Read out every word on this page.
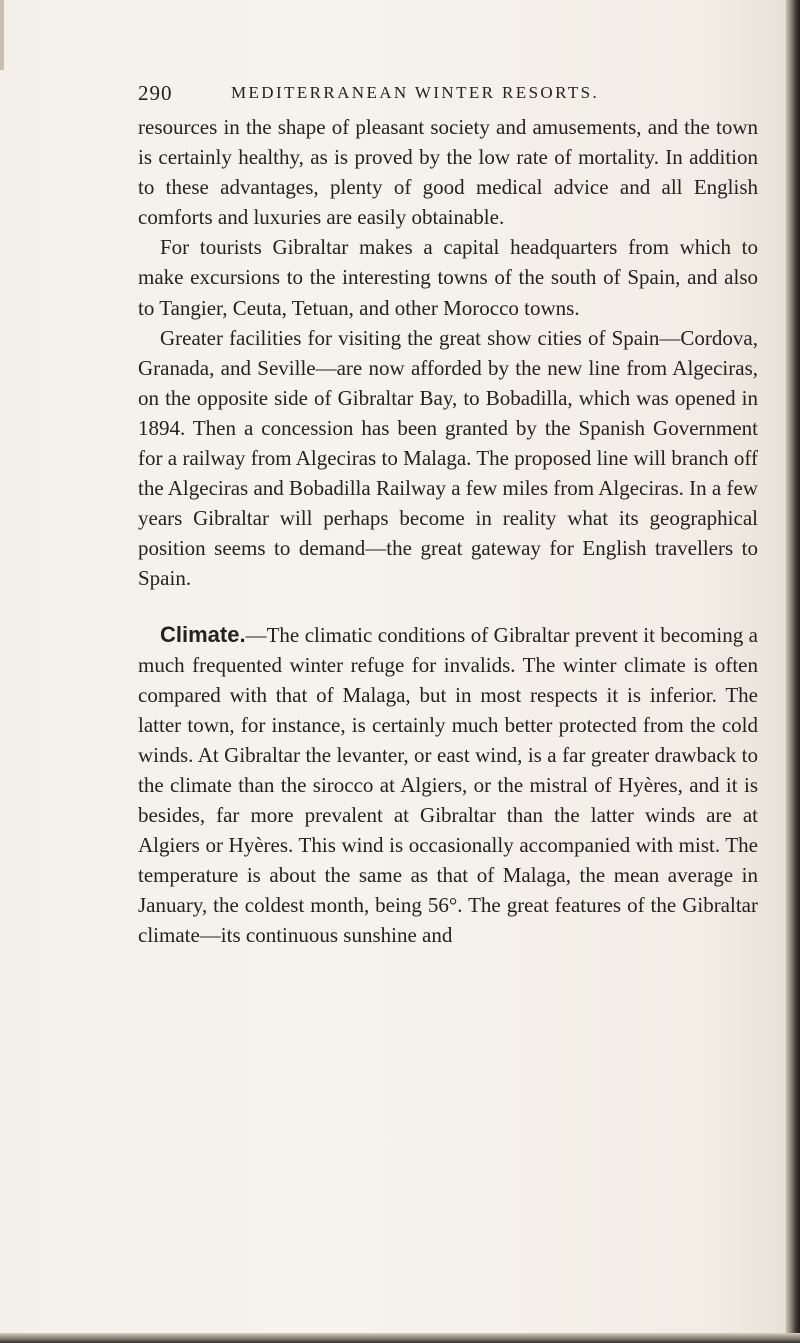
290	MEDITERRANEAN WINTER RESORTS.

resources in the shape of pleasant society and amusements, and the town is certainly healthy, as is proved by the low rate of mortality. In addition to these advantages, plenty of good medical advice and all English comforts and luxuries are easily obtainable.

For tourists Gibraltar makes a capital headquarters from which to make excursions to the interesting towns of the south of Spain, and also to Tangier, Ceuta, Tetuan, and other Morocco towns.

Greater facilities for visiting the great show cities of Spain—Cordova, Granada, and Seville—are now afforded by the new line from Algeciras, on the opposite side of Gibraltar Bay, to Bobadilla, which was opened in 1894. Then a concession has been granted by the Spanish Government for a railway from Algeciras to Malaga. The proposed line will branch off the Algeciras and Bobadilla Railway a few miles from Algeciras. In a few years Gibraltar will perhaps become in reality what its geographical position seems to demand—the great gateway for English travellers to Spain.

Climate.—The climatic conditions of Gibraltar prevent it becoming a much frequented winter refuge for invalids. The winter climate is often compared with that of Malaga, but in most respects it is inferior. The latter town, for instance, is certainly much better protected from the cold winds. At Gibraltar the levanter, or east wind, is a far greater drawback to the climate than the sirocco at Algiers, or the mistral of Hyères, and it is besides, far more prevalent at Gibraltar than the latter winds are at Algiers or Hyères. This wind is occasionally accompanied with mist. The temperature is about the same as that of Malaga, the mean average in January, the coldest month, being 56°. The great features of the Gibraltar climate—its continuous sunshine and
